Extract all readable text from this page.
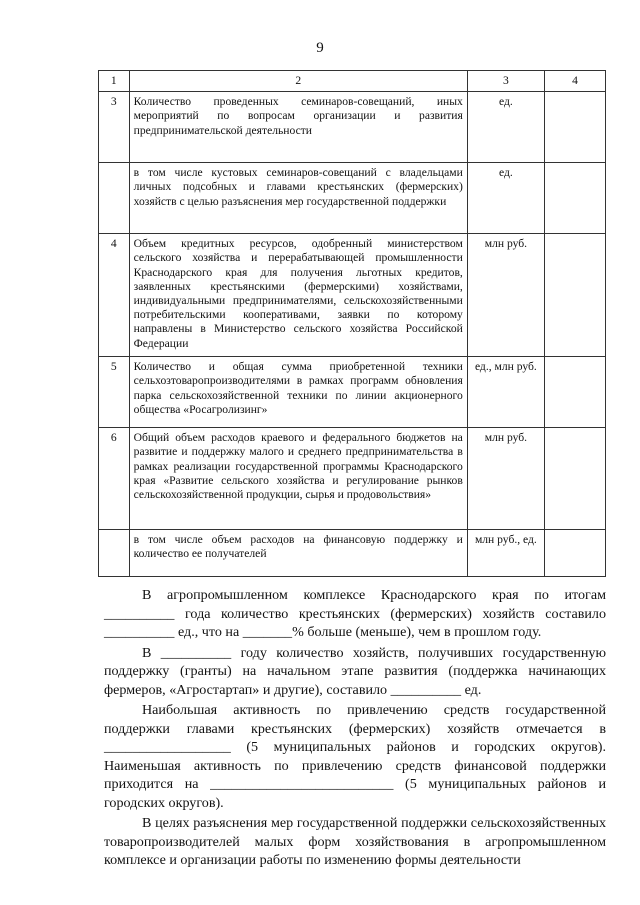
9
1	2	3	4
3	Количество проведенных семинаров-совещаний, иных мероприятий по вопросам организации и развития предпринимательской деятельности	ед.	
	в том числе кустовых семинаров-совещаний с владельцами личных подсобных и главами крестьянских (фермерских) хозяйств с целью разъяснения мер государственной поддержки	ед.	
4	Объем кредитных ресурсов, одобренный министерством сельского хозяйства и перерабатывающей промышленности Краснодарского края для получения льготных кредитов, заявленных крестьянскими (фермерскими) хозяйствами, индивидуальными предпринимателями, сельскохозяйственными потребительскими кооперативами, заявки по которому направлены в Министерство сельского хозяйства Российской Федерации	млн руб.	
5	Количество и общая сумма приобретенной техники сельхозтоваропроизводителями в рамках программ обновления парка сельскохозяйственной техники по линии акционерного общества «Росагролизинг»	ед., млн руб.	
6	Общий объем расходов краевого и федерального бюджетов на развитие и поддержку малого и среднего предпринимательства в рамках реализации государственной программы Краснодарского края «Развитие сельского хозяйства и регулирование рынков сельскохозяйственной продукции, сырья и продовольствия»	млн руб.	
	в том числе объем расходов на финансовую поддержку и количество ее получателей	млн руб., ед.	

В агропромышленном комплексе Краснодарского края по итогам __________ года количество крестьянских (фермерских) хозяйств составило __________ ед., что на _______% больше (меньше), чем в прошлом году.

В __________ году количество хозяйств, получивших государственную поддержку (гранты) на начальном этапе развития (поддержка начинающих фермеров, «Агростартап» и другие), составило __________ ед.

Наибольшая активность по привлечению средств государственной поддержки главами крестьянских (фермерских) хозяйств отмечается в __________________ (5 муниципальных районов и городских округов). Наименьшая активность по привлечению средств финансовой поддержки приходится на __________________________ (5 муниципальных районов и городских округов).

В целях разъяснения мер государственной поддержки сельскохозяйственных товаропроизводителей малых форм хозяйствования в агропромышленном комплексе и организации работы по изменению формы деятельности
